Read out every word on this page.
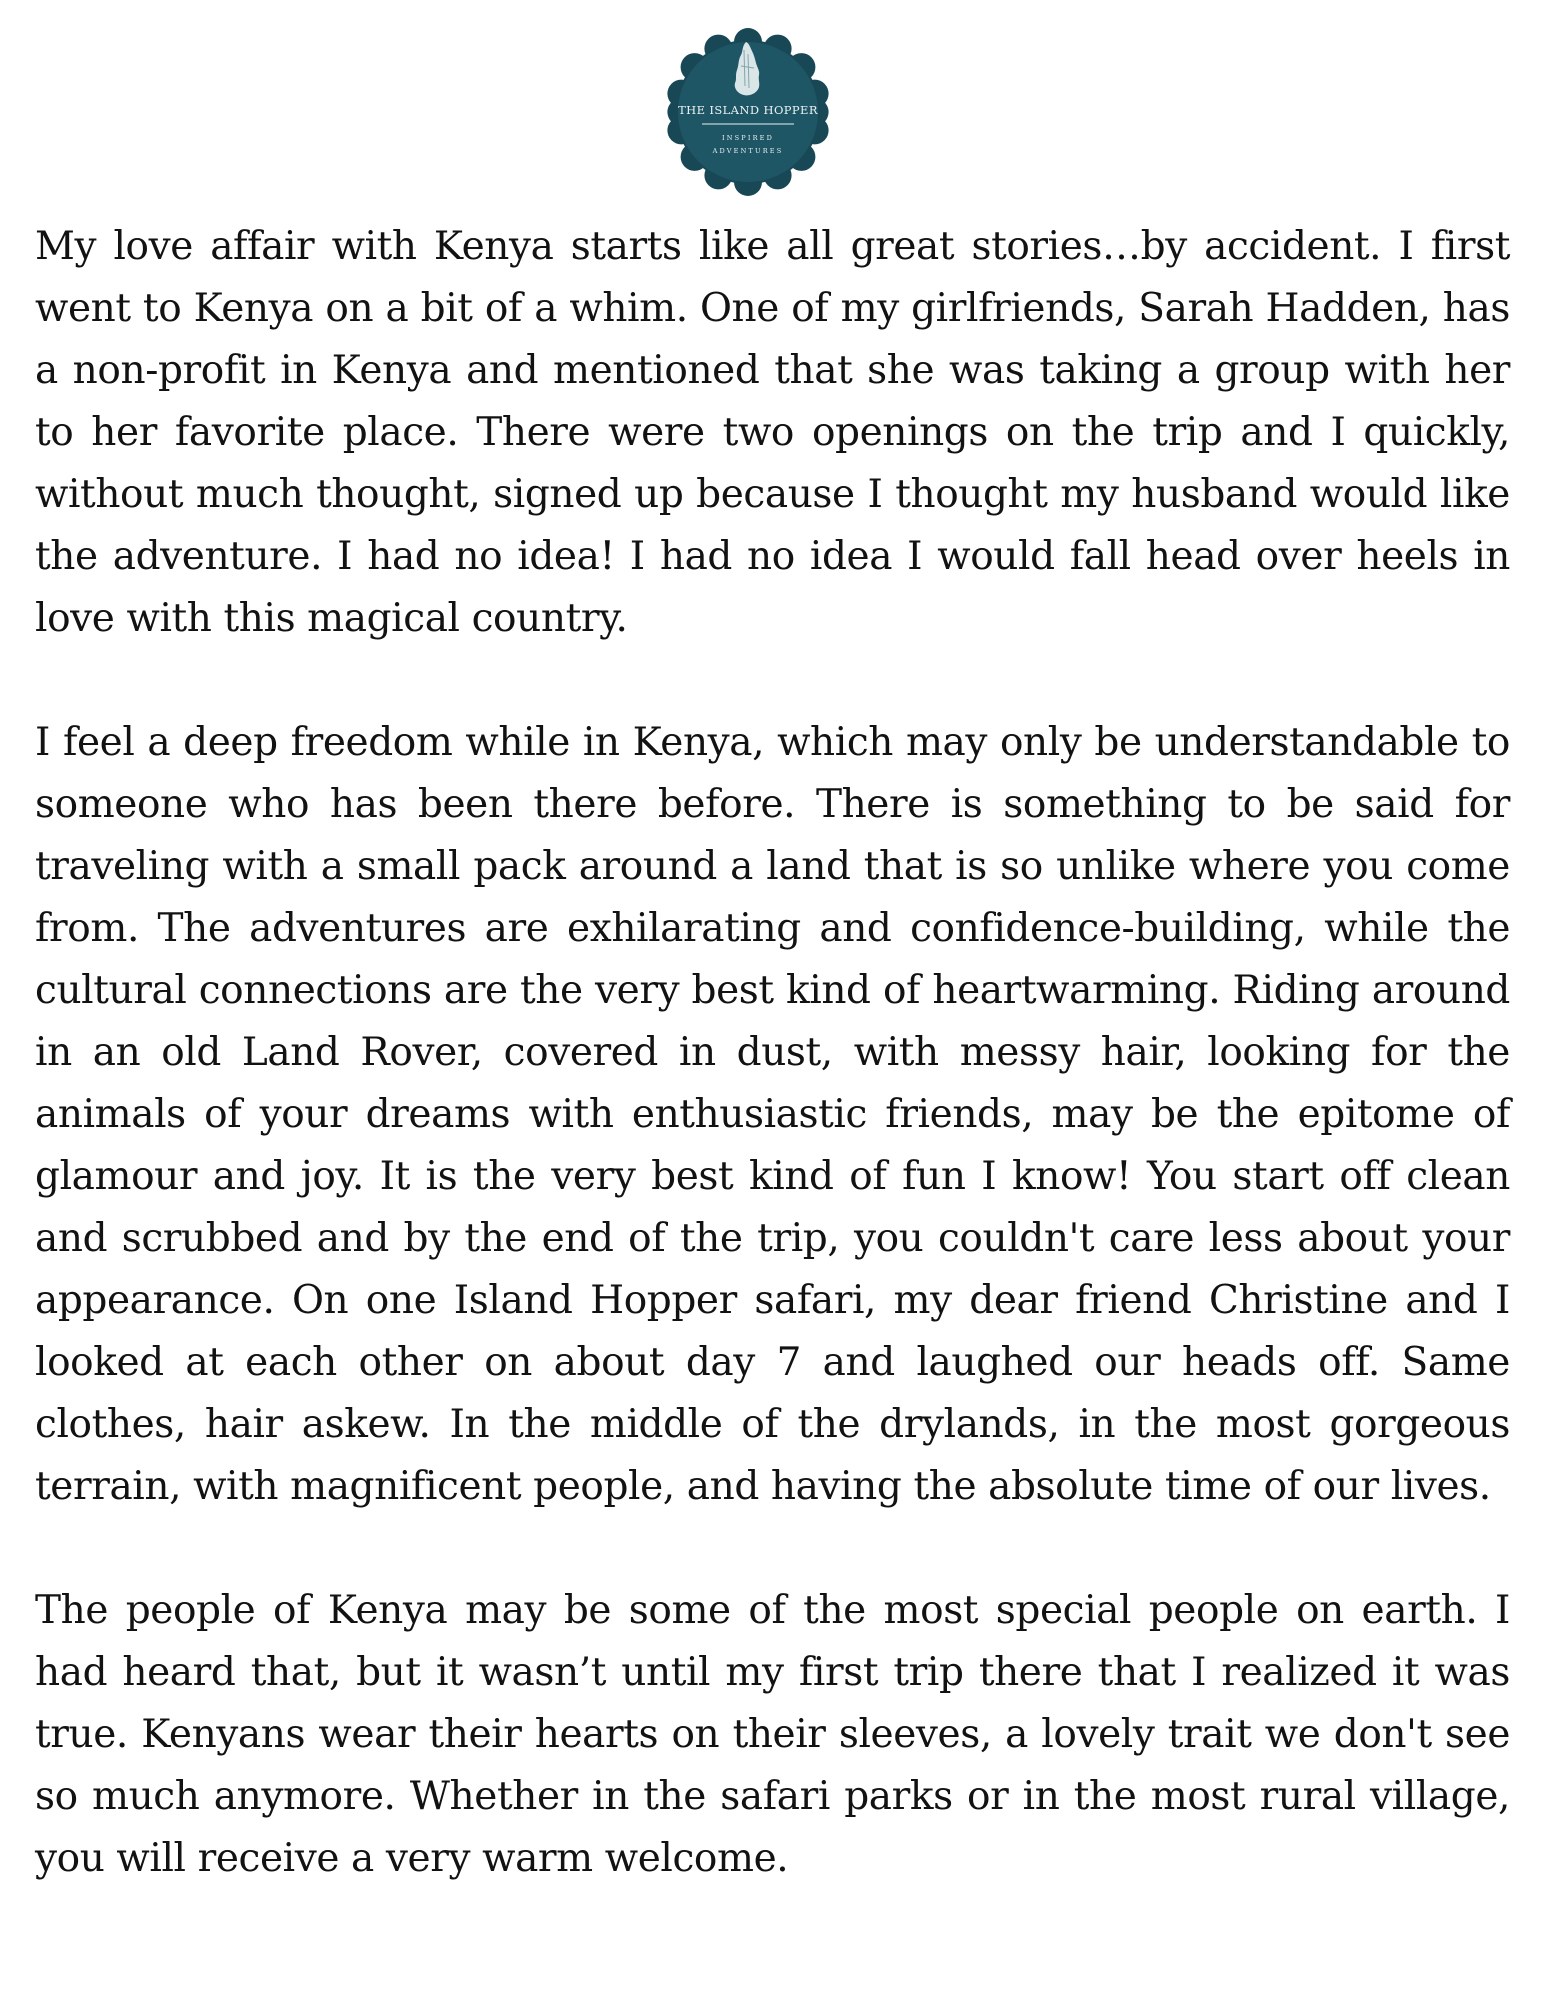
THE ISLAND HOPPER
INSPIRED
ADVENTURES

My love affair with Kenya starts like all great stories…by accident. I first went to Kenya on a bit of a whim. One of my girlfriends, Sarah Hadden, has a non-profit in Kenya and mentioned that she was taking a group with her to her favorite place. There were two openings on the trip and I quickly, without much thought, signed up because I thought my husband would like the adventure. I had no idea! I had no idea I would fall head over heels in love with this magical country.

I feel a deep freedom while in Kenya, which may only be understandable to someone who has been there before. There is something to be said for traveling with a small pack around a land that is so unlike where you come from. The adventures are exhilarating and confidence-building, while the cultural connections are the very best kind of heartwarming. Riding around in an old Land Rover, covered in dust, with messy hair, looking for the animals of your dreams with enthusiastic friends, may be the epitome of glamour and joy. It is the very best kind of fun I know! You start off clean and scrubbed and by the end of the trip, you couldn't care less about your appearance. On one Island Hopper safari, my dear friend Christine and I looked at each other on about day 7 and laughed our heads off. Same clothes, hair askew. In the middle of the drylands, in the most gorgeous terrain, with magnificent people, and having the absolute time of our lives.

The people of Kenya may be some of the most special people on earth. I had heard that, but it wasn’t until my first trip there that I realized it was true. Kenyans wear their hearts on their sleeves, a lovely trait we don't see so much anymore. Whether in the safari parks or in the most rural village, you will receive a very warm welcome.
